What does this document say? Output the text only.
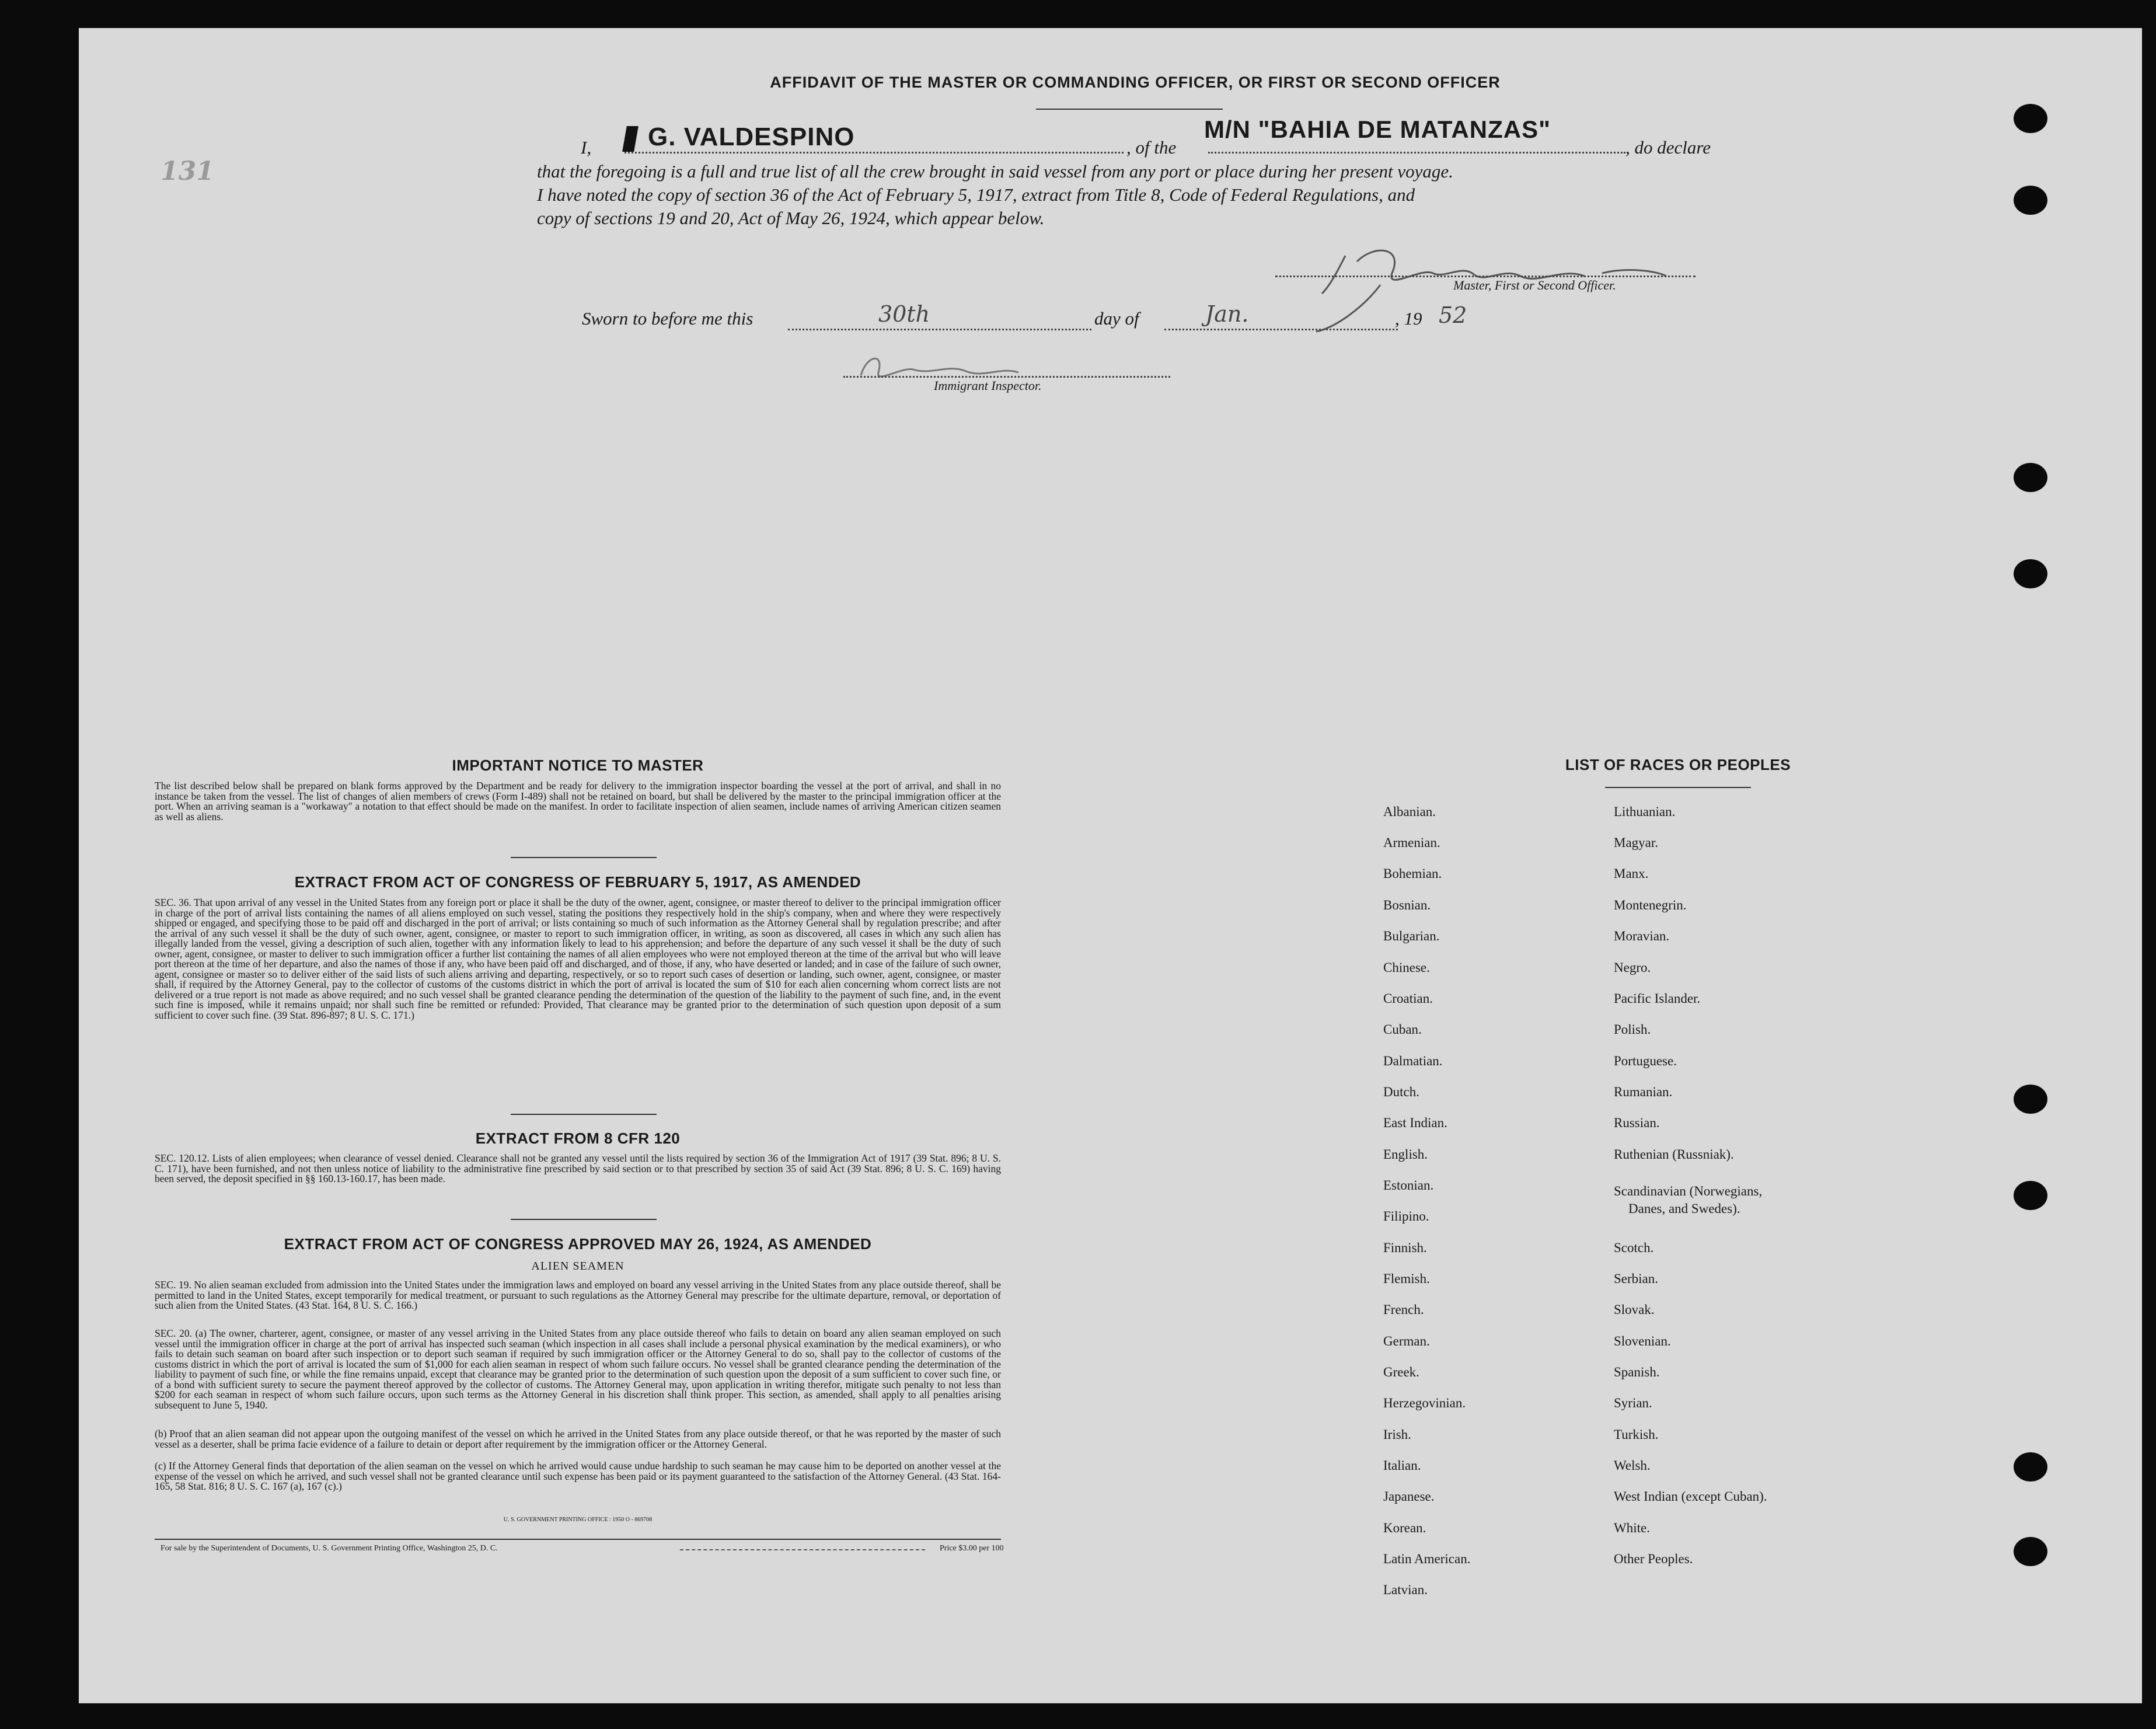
131
AFFIDAVIT OF THE MASTER OR COMMANDING OFFICER, OR FIRST OR SECOND OFFICER
I, G. VALDESPINO	, of the
M/N "BAHIA DE MATANZAS"
, do declare
that the foregoing is a full and true list of all the crew brought in said vessel from any port or place during her present voyage.
I have noted the copy of section 36 of the Act of February 5, 1917, extract from Title 8, Code of Federal Regulations, and
copy of sections 19 and 20, Act of May 26, 1924, which appear below.
Master, First or Second Officer.
Sworn to before me this	30th	day of	Jan.	, 19 52
Immigrant Inspector.
IMPORTANT NOTICE TO MASTER
The list described below shall be prepared on blank forms approved by the Department and be ready for delivery to the immigration inspector boarding the vessel at the port of arrival, and shall in no instance be taken from the vessel. The list of changes of alien members of crews (Form I-489) shall not be retained on board, but shall be delivered by the master to the principal immigration officer at the port. When an arriving seaman is a "workaway" a notation to that effect should be made on the manifest. In order to facilitate inspection of alien seamen, include names of arriving American citizen seamen as well as aliens.
EXTRACT FROM ACT OF CONGRESS OF FEBRUARY 5, 1917, AS AMENDED
SEC. 36. That upon arrival of any vessel in the United States from any foreign port or place it shall be the duty of the owner, agent, consignee, or master thereof to deliver to the principal immigration officer in charge of the port of arrival lists containing the names of all aliens employed on such vessel, stating the positions they respectively hold in the ship's company, when and where they were respectively shipped or engaged, and specifying those to be paid off and discharged in the port of arrival; or lists containing so much of such information as the Attorney General shall by regulation prescribe; and after the arrival of any such vessel it shall be the duty of such owner, agent, consignee, or master to report to such immigration officer, in writing, as soon as discovered, all cases in which any such alien has illegally landed from the vessel, giving a description of such alien, together with any information likely to lead to his apprehension; and before the departure of any such vessel it shall be the duty of such owner, agent, consignee, or master to deliver to such immigration officer a further list containing the names of all alien employees who were not employed thereon at the time of the arrival but who will leave port thereon at the time of her departure, and also the names of those if any, who have been paid off and discharged, and of those, if any, who have deserted or landed; and in case of the failure of such owner, agent, consignee or master so to deliver either of the said lists of such aliens arriving and departing, respectively, or so to report such cases of desertion or landing, such owner, agent, consignee, or master shall, if required by the Attorney General, pay to the collector of customs of the customs district in which the port of arrival is located the sum of $10 for each alien concerning whom correct lists are not delivered or a true report is not made as above required; and no such vessel shall be granted clearance pending the determination of the question of the liability to the payment of such fine, and, in the event such fine is imposed, while it remains unpaid; nor shall such fine be remitted or refunded: Provided, That clearance may be granted prior to the determination of such question upon deposit of a sum sufficient to cover such fine. (39 Stat. 896-897; 8 U. S. C. 171.)
EXTRACT FROM 8 CFR 120
SEC. 120.12. Lists of alien employees; when clearance of vessel denied. Clearance shall not be granted any vessel until the lists required by section 36 of the Immigration Act of 1917 (39 Stat. 896; 8 U. S. C. 171), have been furnished, and not then unless notice of liability to the administrative fine prescribed by said section or to that prescribed by section 35 of said Act (39 Stat. 896; 8 U. S. C. 169) having been served, the deposit specified in §§ 160.13-160.17, has been made.
EXTRACT FROM ACT OF CONGRESS APPROVED MAY 26, 1924, AS AMENDED
ALIEN SEAMEN
SEC. 19. No alien seaman excluded from admission into the United States under the immigration laws and employed on board any vessel arriving in the United States from any place outside thereof, shall be permitted to land in the United States, except temporarily for medical treatment, or pursuant to such regulations as the Attorney General may prescribe for the ultimate departure, removal, or deportation of such alien from the United States. (43 Stat. 164, 8 U. S. C. 166.)
SEC. 20. (a) The owner, charterer, agent, consignee, or master of any vessel arriving in the United States from any place outside thereof who fails to detain on board any alien seaman employed on such vessel until the immigration officer in charge at the port of arrival has inspected such seaman (which inspection in all cases shall include a personal physical examination by the medical examiners), or who fails to detain such seaman on board after such inspection or to deport such seaman if required by such immigration officer or the Attorney General to do so, shall pay to the collector of customs of the customs district in which the port of arrival is located the sum of $1,000 for each alien seaman in respect of whom such failure occurs. No vessel shall be granted clearance pending the determination of the liability to payment of such fine, or while the fine remains unpaid, except that clearance may be granted prior to the determination of such question upon the deposit of a sum sufficient to cover such fine, or of a bond with sufficient surety to secure the payment thereof approved by the collector of customs. The Attorney General may, upon application in writing therefor, mitigate such penalty to not less than $200 for each seaman in respect of whom such failure occurs, upon such terms as the Attorney General in his discretion shall think proper. This section, as amended, shall apply to all penalties arising subsequent to June 5, 1940.
(b) Proof that an alien seaman did not appear upon the outgoing manifest of the vessel on which he arrived in the United States from any place outside thereof, or that he was reported by the master of such vessel as a deserter, shall be prima facie evidence of a failure to detain or deport after requirement by the immigration officer or the Attorney General.
(c) If the Attorney General finds that deportation of the alien seaman on the vessel on which he arrived would cause undue hardship to such seaman he may cause him to be deported on another vessel at the expense of the vessel on which he arrived, and such vessel shall not be granted clearance until such expense has been paid or its payment guaranteed to the satisfaction of the Attorney General. (43 Stat. 164-165, 58 Stat. 816; 8 U. S. C. 167 (a), 167 (c).)
U. S. GOVERNMENT PRINTING OFFICE : 1950 O - 869708
For sale by the Superintendent of Documents, U. S. Government Printing Office, Washington 25, D. C.	Price $3.00 per 100
LIST OF RACES OR PEOPLES
Albanian.
Armenian.
Bohemian.
Bosnian.
Bulgarian.
Chinese.
Croatian.
Cuban.
Dalmatian.
Dutch.
East Indian.
English.
Estonian.
Filipino.
Finnish.
Flemish.
French.
German.
Greek.
Herzegovinian.
Irish.
Italian.
Japanese.
Korean.
Latin American.
Latvian.
Lithuanian.
Magyar.
Manx.
Montenegrin.
Moravian.
Negro.
Pacific Islander.
Polish.
Portuguese.
Rumanian.
Russian.
Ruthenian (Russniak).
Scandinavian (Norwegians,
Danes, and Swedes).
Scotch.
Serbian.
Slovak.
Slovenian.
Spanish.
Syrian.
Turkish.
Welsh.
West Indian (except Cuban).
White.
Other Peoples.
